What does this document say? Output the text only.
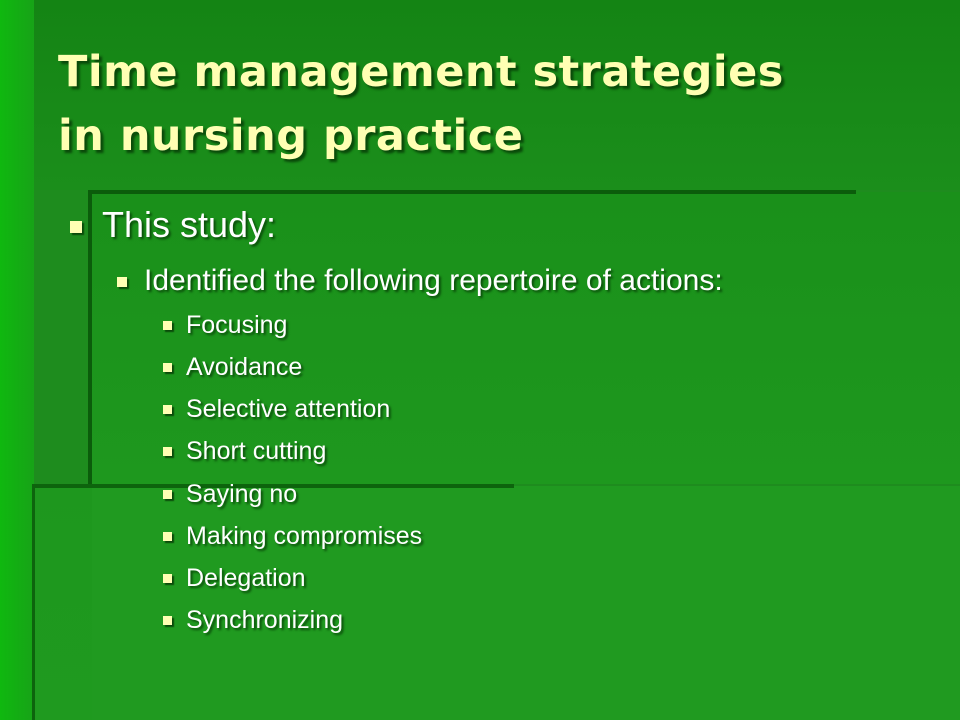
Time management strategies
in nursing practice
This study:
Identified the following repertoire of actions:
Focusing
Avoidance
Selective attention
Short cutting
Saying no
Making compromises
Delegation
Synchronizing
